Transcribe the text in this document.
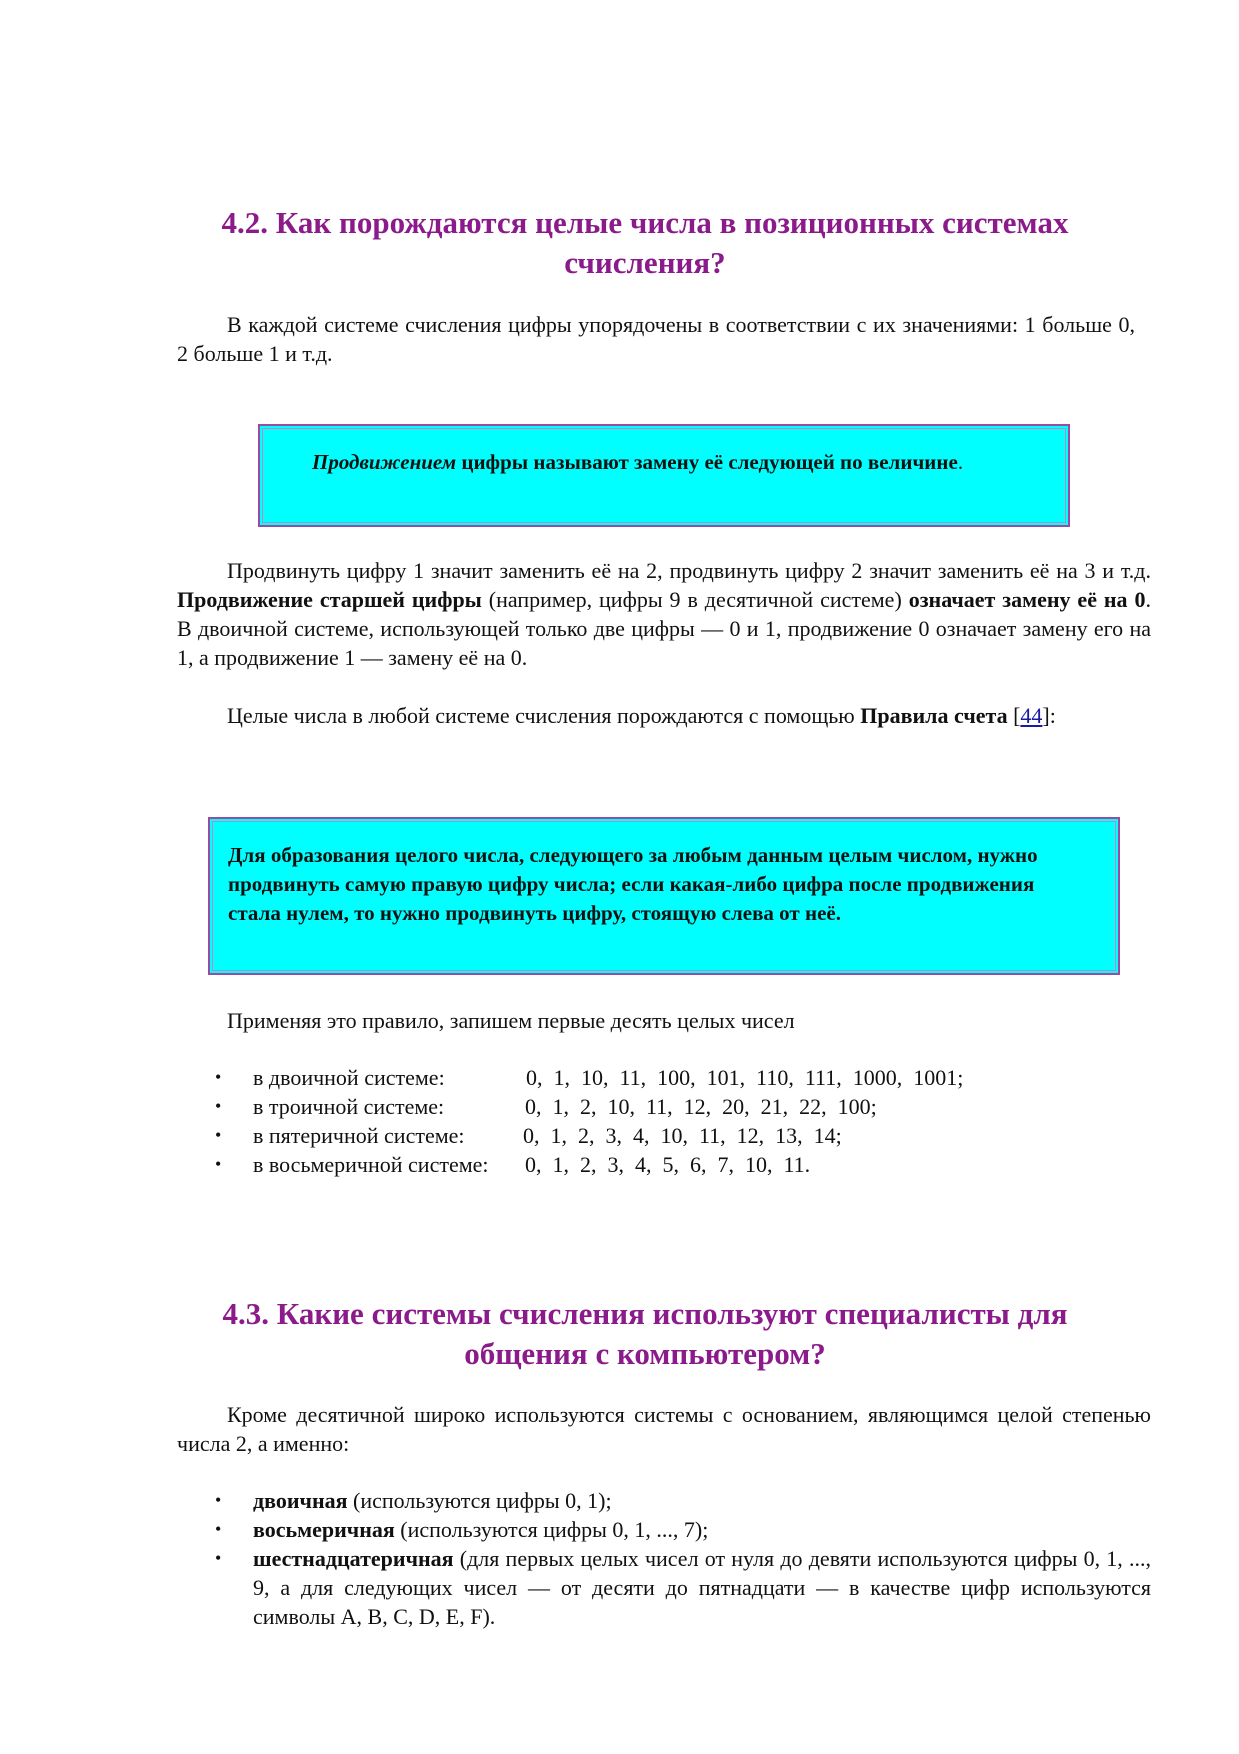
4.2. Как порождаются целые числа в позиционных системах
счисления?

В каждой системе счисления цифры упорядочены в соответствии с их значениями: 1 больше 0, 2 больше 1 и т.д.

Продвижением цифры называют замену её следующей по величине.

Продвинуть цифру 1 значит заменить её на 2, продвинуть цифру 2 значит заменить её на 3 и т.д. Продвижение старшей цифры (например, цифры 9 в десятичной системе) означает замену её на 0. В двоичной системе, использующей только две цифры — 0 и 1, продвижение 0 означает замену его на 1, а продвижение 1 — замену её на 0.

Целые числа в любой системе счисления порождаются с помощью Правила счета [44]:

Для образования целого числа, следующего за любым данным целым числом, нужно продвинуть самую правую цифру числа; если какая-либо цифра после продвижения стала нулем, то нужно продвинуть цифру, стоящую слева от неё.

Применяя это правило, запишем первые десять целых чисел

• в двоичной системе:	0,  1,  10,  11,  100,  101,  110,  111,  1000,  1001;
• в троичной системе:	0,  1,  2,  10,  11,  12,  20,  21,  22,  100;
• в пятеричной системе:	0,  1,  2,  3,  4,  10,  11,  12,  13,  14;
• в восьмеричной системе: 0,  1,  2,  3,  4,  5,  6,  7,  10,  11.
4.3. Какие системы счисления используют специалисты для
общения с компьютером?

Кроме десятичной широко используются системы с основанием, являющимся целой степенью числа 2, а именно:

• двоичная (используются цифры 0, 1);
• восьмеричная (используются цифры 0, 1, ..., 7);
• шестнадцатеричная (для первых целых чисел от нуля до девяти используются цифры 0, 1, ..., 9, а для следующих чисел — от десяти до пятнадцати — в качестве цифр используются символы A, B, C, D, E, F).
